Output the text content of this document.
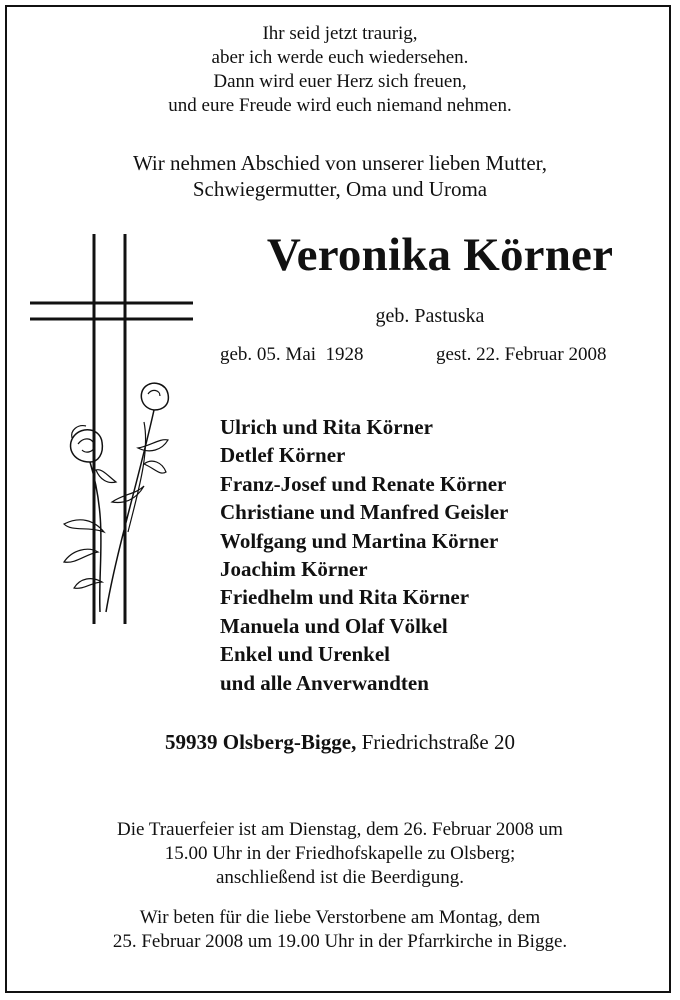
Ihr seid jetzt traurig,
aber ich werde euch wiedersehen.
Dann wird euer Herz sich freuen,
und eure Freude wird euch niemand nehmen.
Wir nehmen Abschied von unserer lieben Mutter,
Schwiegermutter, Oma und Uroma
Veronika Körner
geb. Pastuska
geb. 05. Mai  1928	gest. 22. Februar 2008
Ulrich und Rita Körner
Detlef Körner
Franz-Josef und Renate Körner
Christiane und Manfred Geisler
Wolfgang und Martina Körner
Joachim Körner
Friedhelm und Rita Körner
Manuela und Olaf Völkel
Enkel und Urenkel
und alle Anverwandten
59939 Olsberg-Bigge, Friedrichstraße 20
Die Trauerfeier ist am Dienstag, dem 26. Februar 2008 um
15.00 Uhr in der Friedhofskapelle zu Olsberg;
anschließend ist die Beerdigung.
Wir beten für die liebe Verstorbene am Montag, dem
25. Februar 2008 um 19.00 Uhr in der Pfarrkirche in Bigge.
